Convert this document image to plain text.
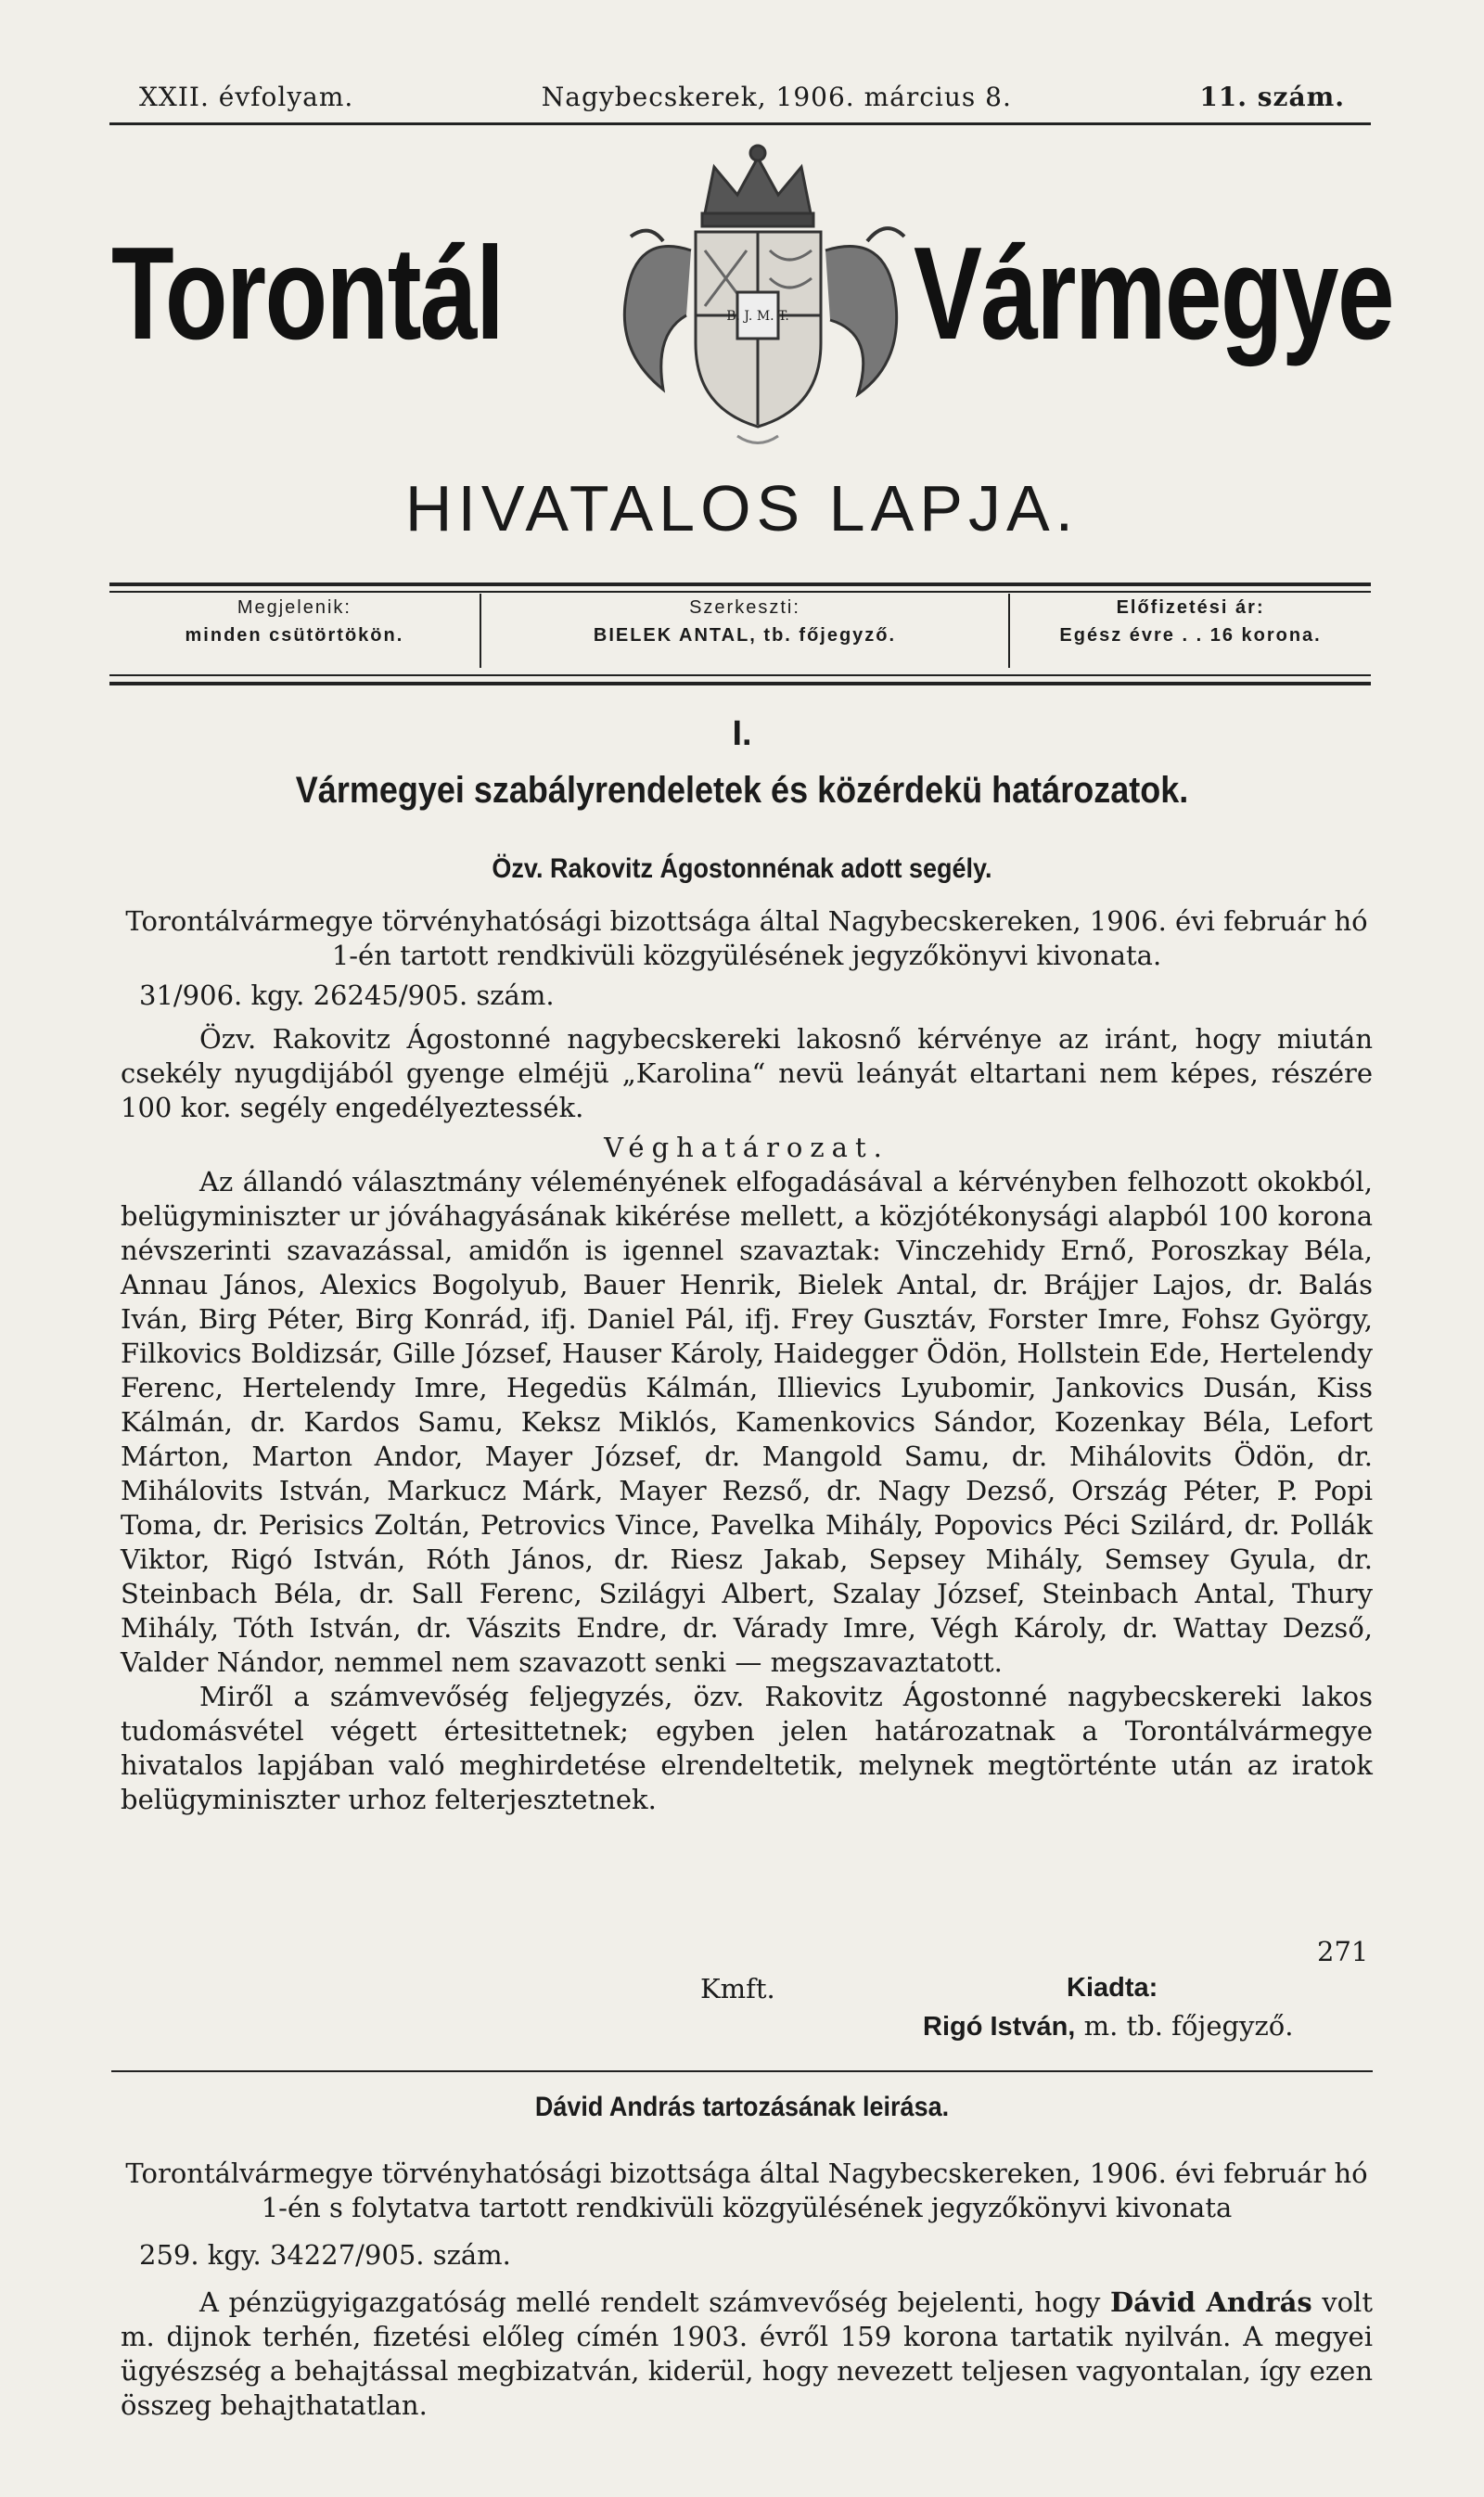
XXII. évfolyam.	Nagybecskerek, 1906. március 8.	11. szám.
Torontál	Vármegye
B. J. M. T.
HIVATALOS LAPJA.
Megjelenik:
minden csütörtökön.
Szerkeszti:
BIELEK ANTAL, tb. főjegyző.
Előfizetési ár:
Egész évre . . 16 korona.
I.
Vármegyei szabályrendeletek és közérdekü határozatok.
Özv. Rakovitz Ágostonnénak adott segély.

Torontálvármegye törvényhatósági bizottsága által Nagybecskereken, 1906. évi február hó 1-én tartott rendkivüli közgyülésének jegyzőkönyvi kivonata.

31/906. kgy. 26245/905. szám.

Özv. Rakovitz Ágostonné nagybecskereki lakosnő kérvénye az iránt, hogy miután csekély nyugdijából gyenge elméjü „Karolina“ nevü leányát eltartani nem képes, részére 100 kor. segély engedélyeztessék.

Véghatározat.

Az állandó választmány véleményének elfogadásával a kérvényben felhozott okokból, belügyminiszter ur jóváhagyásának kikérése mellett, a közjótékonysági alapból 100 korona névszerinti szavazással, amidőn is igennel szavaztak: Vinczehidy Ernő, Poroszkay Béla, Annau János, Alexics Bogolyub, Bauer Henrik, Bielek Antal, dr. Brájjer Lajos, dr. Balás Iván, Birg Péter, Birg Konrád, ifj. Daniel Pál, ifj. Frey Gusztáv, Forster Imre, Fohsz György, Filkovics Boldizsár, Gille József, Hauser Károly, Haidegger Ödön, Hollstein Ede, Hertelendy Ferenc, Hertelendy Imre, Hegedüs Kálmán, Illievics Lyubomir, Jankovics Dusán, Kiss Kálmán, dr. Kardos Samu, Keksz Miklós, Kamenkovics Sándor, Kozenkay Béla, Lefort Márton, Marton Andor, Mayer József, dr. Mangold Samu, dr. Mihálovits Ödön, dr. Mihálovits István, Markucz Márk, Mayer Rezső, dr. Nagy Dezső, Ország Péter, P. Popi Toma, dr. Perisics Zoltán, Petrovics Vince, Pavelka Mihály, Popovics Péci Szilárd, dr. Pollák Viktor, Rigó István, Róth János, dr. Riesz Jakab, Sepsey Mihály, Semsey Gyula, dr. Steinbach Béla, dr. Sall Ferenc, Szilágyi Albert, Szalay József, Steinbach Antal, Thury Mihály, Tóth István, dr. Vászits Endre, dr. Várady Imre, Végh Károly, dr. Wattay Dezső, Valder Nándor, nemmel nem szavazott senki — megszavaztatott.

Miről a számvevőség feljegyzés, özv. Rakovitz Ágostonné nagybecskereki lakos tudomásvétel végett értesittetnek; egyben jelen határozatnak a Torontálvármegye hivatalos lapjában való meghirdetése elrendeltetik, melynek megtörténte után az iratok belügyminiszter urhoz felterjesztetnek.

271
Kmft.	Kiadta:
Rigó István, m. tb. főjegyző.
Dávid András tartozásának leirása.

Torontálvármegye törvényhatósági bizottsága által Nagybecskereken, 1906. évi február hó 1-én s folytatva tartott rendkivüli közgyülésének jegyzőkönyvi kivonata

259. kgy. 34227/905. szám.

A pénzügyigazgatóság mellé rendelt számvevőség bejelenti, hogy Dávid András volt m. dijnok terhén, fizetési előleg címén 1903. évről 159 korona tartatik nyilván. A megyei ügyészség a behajtással megbizatván, kiderül, hogy nevezett teljesen vagyontalan, így ezen összeg behajthatatlan.
